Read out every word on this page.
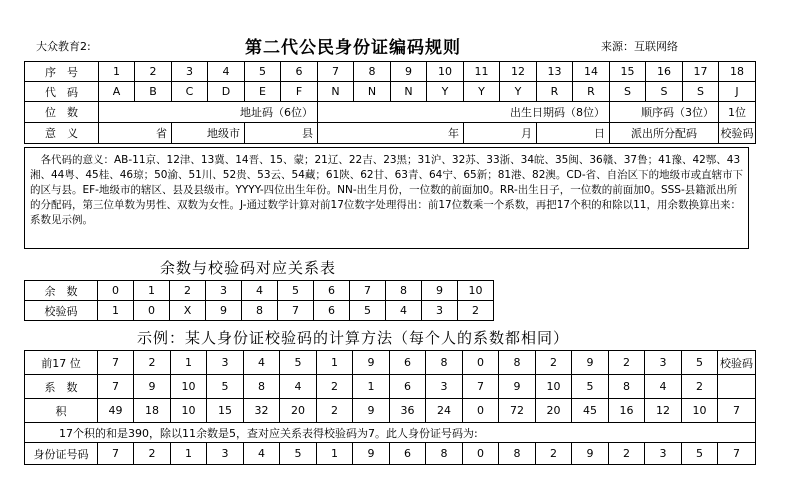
大众教育2:	第二代公民身份证编码规则	来源：互联网络
序　号	1	2	3	4	5	6	7	8	9	10	11	12	13	14	15	16	17	18
代　码	A	B	C	D	E	F	N	N	N	Y	Y	Y	R	R	S	S	S	J
位　数	地址码（6位）						出生日期码（8位）								顺序码（3位）			1位
意　义	省		地级市		县		年				月		日		派出所分配码			校验码
　各代码的意义：AB-11京、12津、13冀、14晋、15、蒙；21辽、22吉、23黑；31沪、32苏、33浙、34皖、35闽、36赣、37鲁；41豫、42鄂、43湘、44粤、45桂、46琼；50渝、51川、52贵、53云、54藏；61陕、62甘、63青、64宁、65新；81港、82澳。CD-省、自治区下的地级市或直辖市下的区与县。EF-地级市的辖区、县及县级市。YYYY-四位出生年份。NN-出生月份，一位数的前面加0。RR-出生日子，一位数的前面加0。SSS-县籍派出所的分配码，第三位单数为男性、双数为女性。J-通过数学计算对前17位数字处理得出：前17位数乘一个系数，再把17个积的和除以11，用余数换算出来：系数见示例。
余数与校验码对应关系表
余　数	0	1	2	3	4	5	6	7	8	9	10
校验码	1	0	X	9	8	7	6	5	4	3	2
示例：某人身份证校验码的计算方法（每个人的系数都相同）
前17 位	7	2	1	3	4	5	1	9	6	8	0	8	2	9	2	3	5	校验码
系　数	7	9	10	5	8	4	2	1	6	3	7	9	10	5	8	4	2	
积	49	18	10	15	32	20	2	9	36	24	0	72	20	45	16	12	10	7
17个积的和是390，除以11余数是5，查对应关系表得校验码为7。此人身份证号码为:																		
身份证号码	7	2	1	3	4	5	1	9	6	8	0	8	2	9	2	3	5	7
